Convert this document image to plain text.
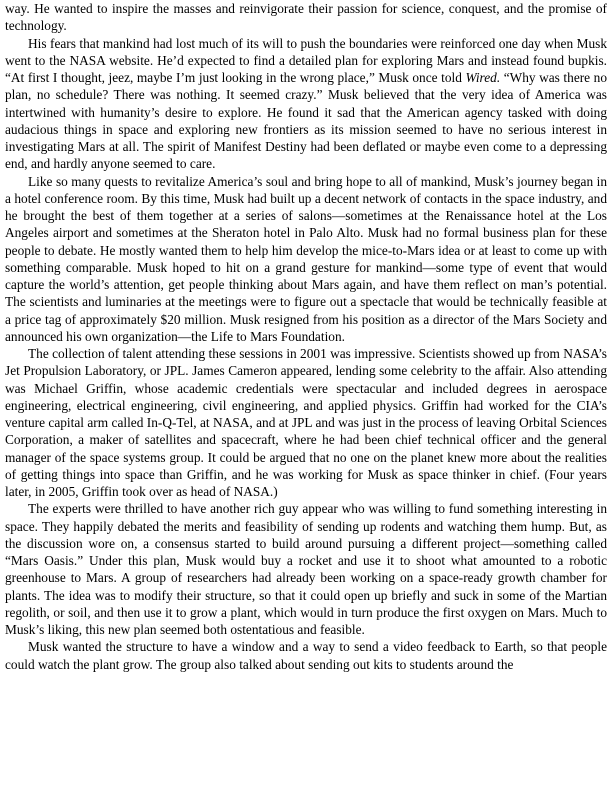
way. He wanted to inspire the masses and reinvigorate their passion for science, conquest, and the promise of technology.

His fears that mankind had lost much of its will to push the boundaries were reinforced one day when Musk went to the NASA website. He’d expected to find a detailed plan for exploring Mars and instead found bupkis. “At first I thought, jeez, maybe I’m just looking in the wrong place,” Musk once told Wired. “Why was there no plan, no schedule? There was nothing. It seemed crazy.” Musk believed that the very idea of America was intertwined with humanity’s desire to explore. He found it sad that the American agency tasked with doing audacious things in space and exploring new frontiers as its mission seemed to have no serious interest in investigating Mars at all. The spirit of Manifest Destiny had been deflated or maybe even come to a depressing end, and hardly anyone seemed to care.

Like so many quests to revitalize America’s soul and bring hope to all of mankind, Musk’s journey began in a hotel conference room. By this time, Musk had built up a decent network of contacts in the space industry, and he brought the best of them together at a series of salons—sometimes at the Renaissance hotel at the Los Angeles airport and sometimes at the Sheraton hotel in Palo Alto. Musk had no formal business plan for these people to debate. He mostly wanted them to help him develop the mice-to-Mars idea or at least to come up with something comparable. Musk hoped to hit on a grand gesture for mankind—some type of event that would capture the world’s attention, get people thinking about Mars again, and have them reflect on man’s potential. The scientists and luminaries at the meetings were to figure out a spectacle that would be technically feasible at a price tag of approximately $20 million. Musk resigned from his position as a director of the Mars Society and announced his own organization—the Life to Mars Foundation.

The collection of talent attending these sessions in 2001 was impressive. Scientists showed up from NASA’s Jet Propulsion Laboratory, or JPL. James Cameron appeared, lending some celebrity to the affair. Also attending was Michael Griffin, whose academic credentials were spectacular and included degrees in aerospace engineering, electrical engineering, civil engineering, and applied physics. Griffin had worked for the CIA’s venture capital arm called In-Q-Tel, at NASA, and at JPL and was just in the process of leaving Orbital Sciences Corporation, a maker of satellites and spacecraft, where he had been chief technical officer and the general manager of the space systems group. It could be argued that no one on the planet knew more about the realities of getting things into space than Griffin, and he was working for Musk as space thinker in chief. (Four years later, in 2005, Griffin took over as head of NASA.)

The experts were thrilled to have another rich guy appear who was willing to fund something interesting in space. They happily debated the merits and feasibility of sending up rodents and watching them hump. But, as the discussion wore on, a consensus started to build around pursuing a different project—something called “Mars Oasis.” Under this plan, Musk would buy a rocket and use it to shoot what amounted to a robotic greenhouse to Mars. A group of researchers had already been working on a space-ready growth chamber for plants. The idea was to modify their structure, so that it could open up briefly and suck in some of the Martian regolith, or soil, and then use it to grow a plant, which would in turn produce the first oxygen on Mars. Much to Musk’s liking, this new plan seemed both ostentatious and feasible.

Musk wanted the structure to have a window and a way to send a video feedback to Earth, so that people could watch the plant grow. The group also talked about sending out kits to students around the
